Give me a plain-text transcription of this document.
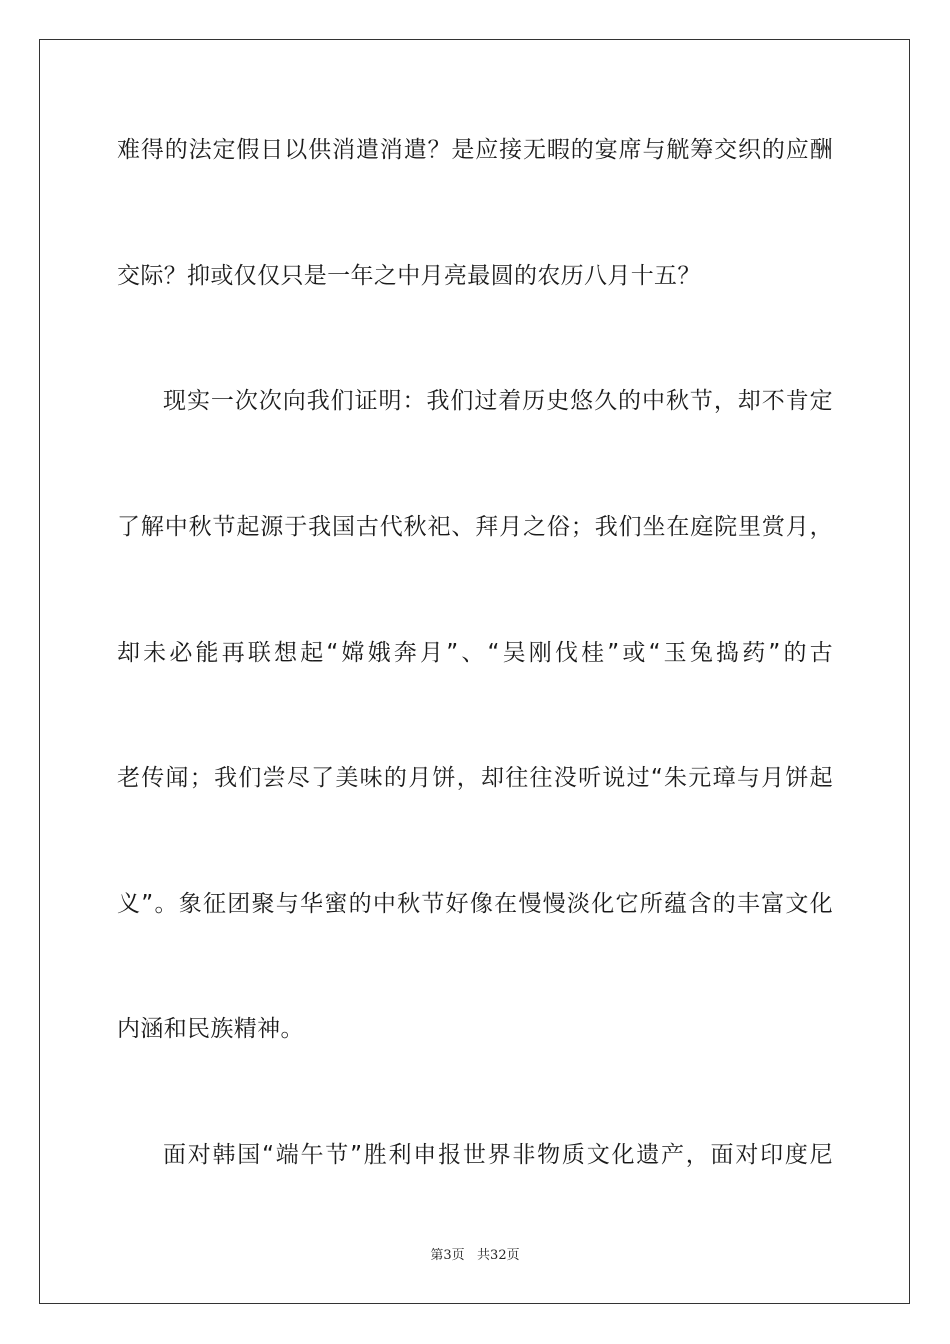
难得的法定假日以供消遣消遣？是应接无暇的宴席与觥筹交织的应酬
交际？抑或仅仅只是一年之中月亮最圆的农历八月十五？
现实一次次向我们证明：我们过着历史悠久的中秋节，却不肯定
了解中秋节起源于我国古代秋祀、拜月之俗；我们坐在庭院里赏月，
却未必能再联想起“嫦娥奔月”、“吴刚伐桂”或“玉兔捣药”的古
老传闻；我们尝尽了美味的月饼，却往往没听说过“朱元璋与月饼起
义”。象征团聚与华蜜的中秋节好像在慢慢淡化它所蕴含的丰富文化
内涵和民族精神。
面对韩国“端午节”胜利申报世界非物质文化遗产，面对印度尼
第3页   共32页
